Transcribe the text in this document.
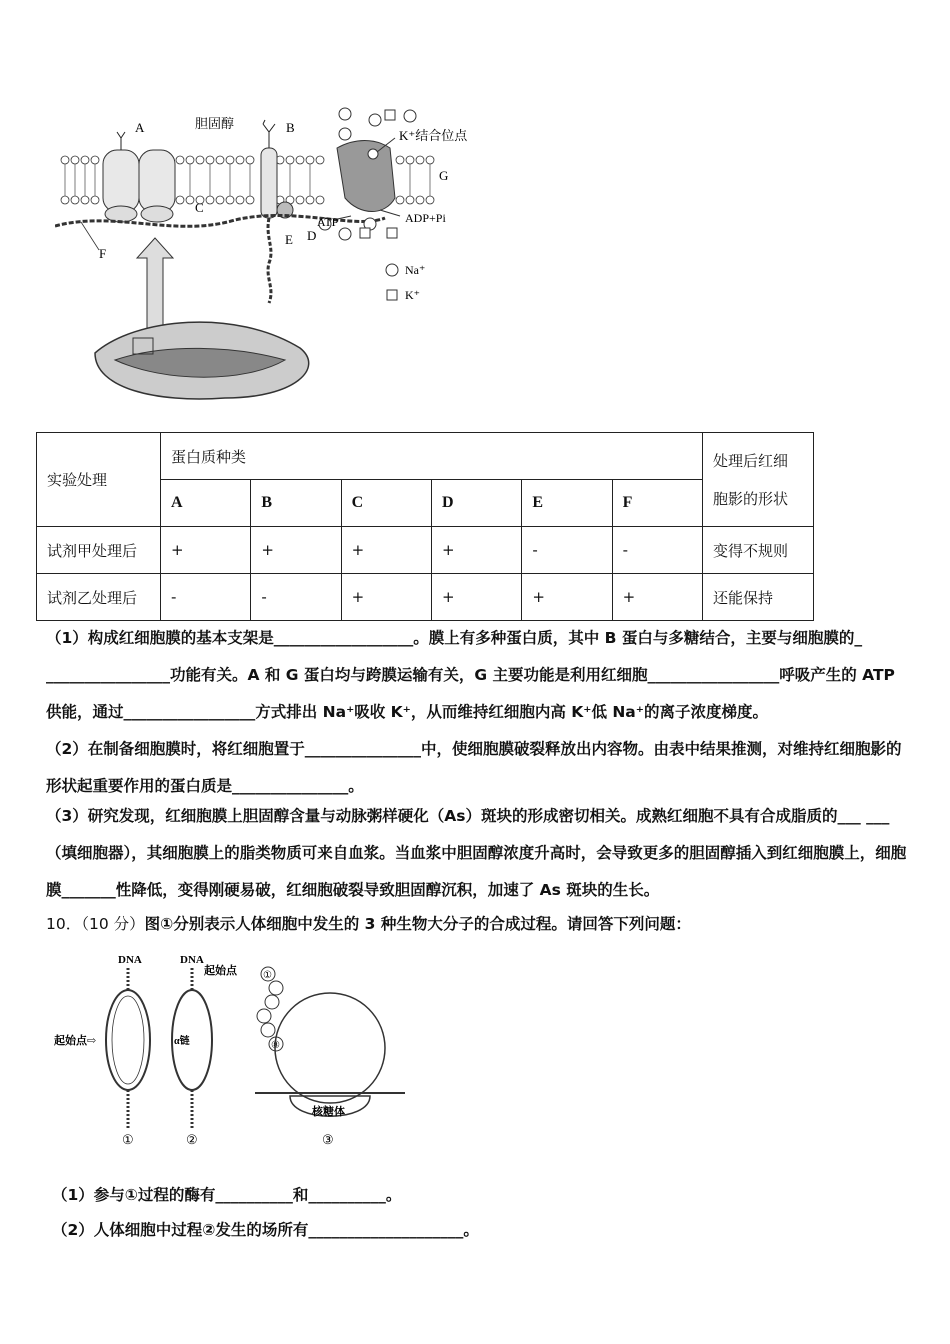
A	胆固醇	B
K⁺结合位点
G
C
ATP	ADP+Pi
E D
F
Na⁺
K⁺
实验处理	蛋白质种类						处理后红细
胞影的形状
	A	B	C	D	E	F	
试剂甲处理后	+	+	+	+	-	-	变得不规则
试剂乙处理后	-	-	+	+	+	+	还能保持
（1）构成红细胞膜的基本支架是__________________。膜上有多种蛋白质，其中 B 蛋白与多糖结合，主要与细胞膜的_ ________________功能有关。A 和 G 蛋白均与跨膜运输有关，G 主要功能是利用红细胞_________________呼吸产生的 ATP 供能，通过_________________方式排出 Na⁺吸收 K⁺，从而维持红细胞内高 K⁺低 Na⁺的离子浓度梯度。
（2）在制备细胞膜时，将红细胞置于_______________中，使细胞膜破裂释放出内容物。由表中结果推测，对维持红细胞影的形状起重要作用的蛋白质是_______________。
（3）研究发现，红细胞膜上胆固醇含量与动脉粥样硬化（As）斑块的形成密切相关。成熟红细胞不具有合成脂质的___ ___（填细胞器），其细胞膜上的脂类物质可来自血浆。当血浆中胆固醇浓度升高时，会导致更多的胆固醇插入到红细胞膜上，细胞膜_______性降低，变得刚硬易破，红细胞破裂导致胆固醇沉积，加速了 As 斑块的生长。
10．（10 分）图①分别表示人体细胞中发生的 3 种生物大分子的合成过程。请回答下列问题：
DNA
起始点⇨
①
DNA
起始点
α链
②
①
⑧
核糖体
③
（1）参与①过程的酶有__________和__________。
（2）人体细胞中过程②发生的场所有____________________。
